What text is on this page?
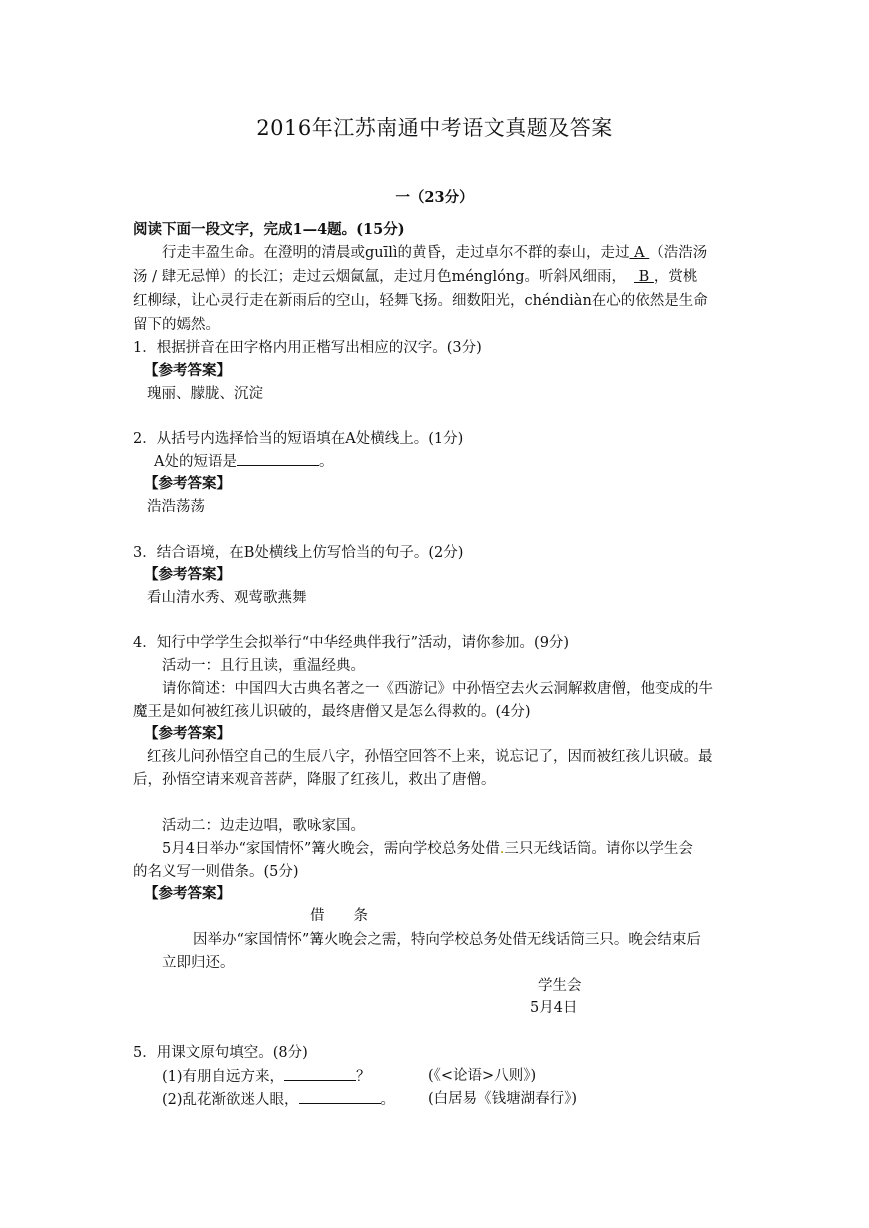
2016年江苏南通中考语文真题及答案
一（23分）
阅读下面一段文字，完成1—4题。(15分)
行走丰盈生命。在澄明的清晨或guīlì的黄昏，走过卓尔不群的泰山，走过 A （浩浩汤
汤 / 肆无忌惮）的长江；走过云烟氤氲，走过月色ménglóng。听斜风细雨， B ，赏桃
红柳绿，让心灵行走在新雨后的空山，轻舞飞扬。细数阳光，chéndiàn在心的依然是生命
留下的嫣然。
1．根据拼音在田字格内用正楷写出相应的汉字。(3分)
【参考答案】
瑰丽、朦胧、沉淀
2．从括号内选择恰当的短语填在A处横线上。(1分)
A处的短语是	。
【参考答案】
浩浩荡荡
3．结合语境，在B处横线上仿写恰当的句子。(2分)
【参考答案】
看山清水秀、观莺歌燕舞
4．知行中学学生会拟举行“中华经典伴我行”活动，请你参加。(9分)
活动一：且行且读，重温经典。
请你简述：中国四大古典名著之一《西游记》中孙悟空去火云洞解救唐僧，他变成的牛
魔王是如何被红孩儿识破的，最终唐僧又是怎么得救的。(4分)
【参考答案】
红孩儿问孙悟空自己的生辰八字，孙悟空回答不上来，说忘记了，因而被红孩儿识破。最
后，孙悟空请来观音菩萨，降服了红孩儿，救出了唐僧。
活动二：边走边唱，歌咏家国。
5月4日举办“家国情怀”篝火晚会，需向学校总务处借.三只无线话筒。请你以学生会
的名义写一则借条。(5分)
【参考答案】
借　　条
因举办“家国情怀”篝火晚会之需，特向学校总务处借无线话筒三只。晚会结束后
立即归还。
学生会
5月4日
5．用课文原句填空。(8分)
(1)有朋自远方来，	？	(《<论语>八则》)
(2)乱花渐欲迷人眼，	。 (白居易《钱塘湖春行》)
